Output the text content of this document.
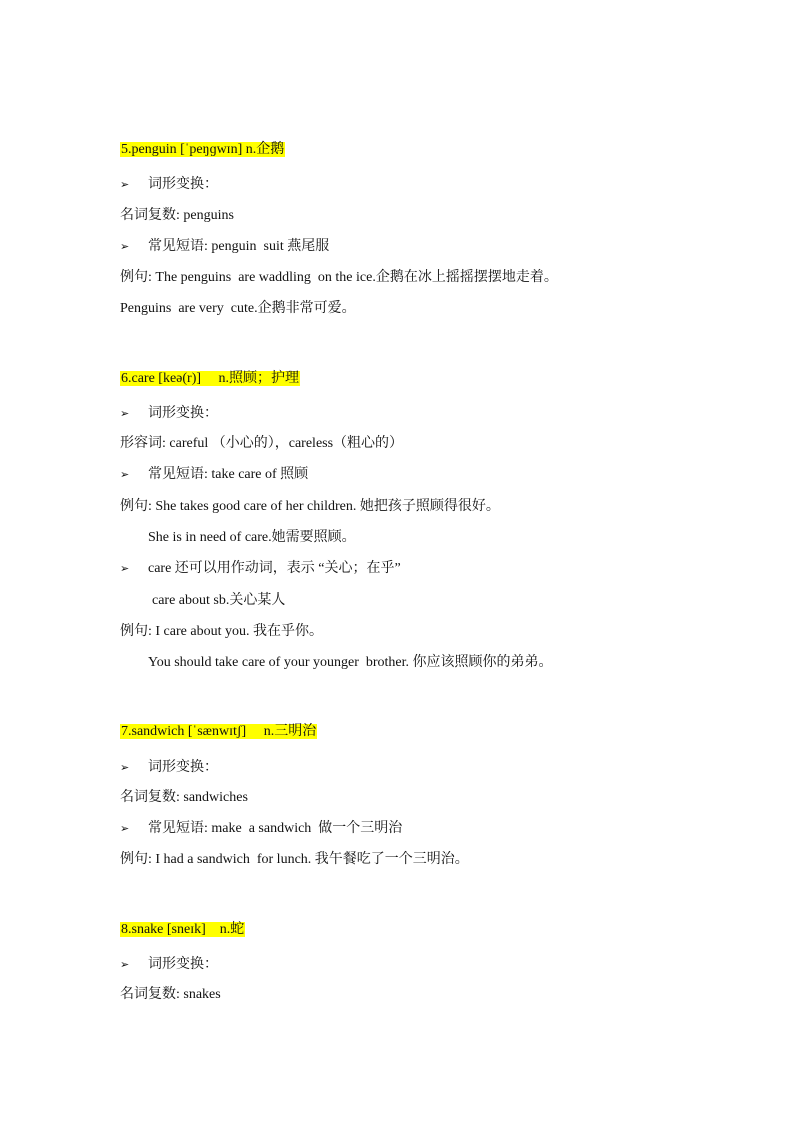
5.penguin [ˈpeŋɡwɪn] n.企鹅
➢ 词形变换：
名词复数: penguins
➢ 常见短语: penguin  suit 燕尾服
例句: The penguins  are waddling  on the ice.企鹅在冰上摇摇摆摆地走着。
Penguins  are very  cute.企鹅非常可爱。
6.care [keə(r)]     n.照顾；护理
➢ 词形变换：
形容词: careful （小心的），careless（粗心的）
➢ 常见短语: take care of 照顾
例句: She takes good care of her children. 她把孩子照顾得很好。
She is in need of care.她需要照顾。
➢ care 还可以用作动词，表示 “关心；在乎”
care about sb.关心某人
例句: I care about you. 我在乎你。
You should take care of your younger  brother. 你应该照顾你的弟弟。
7.sandwich [ˈsænwɪtʃ]     n.三明治
➢ 词形变换：
名词复数: sandwiches
➢ 常见短语: make  a sandwich  做一个三明治
例句: I had a sandwich  for lunch. 我午餐吃了一个三明治。
8.snake [sneɪk]    n.蛇
➢ 词形变换：
名词复数: snakes
